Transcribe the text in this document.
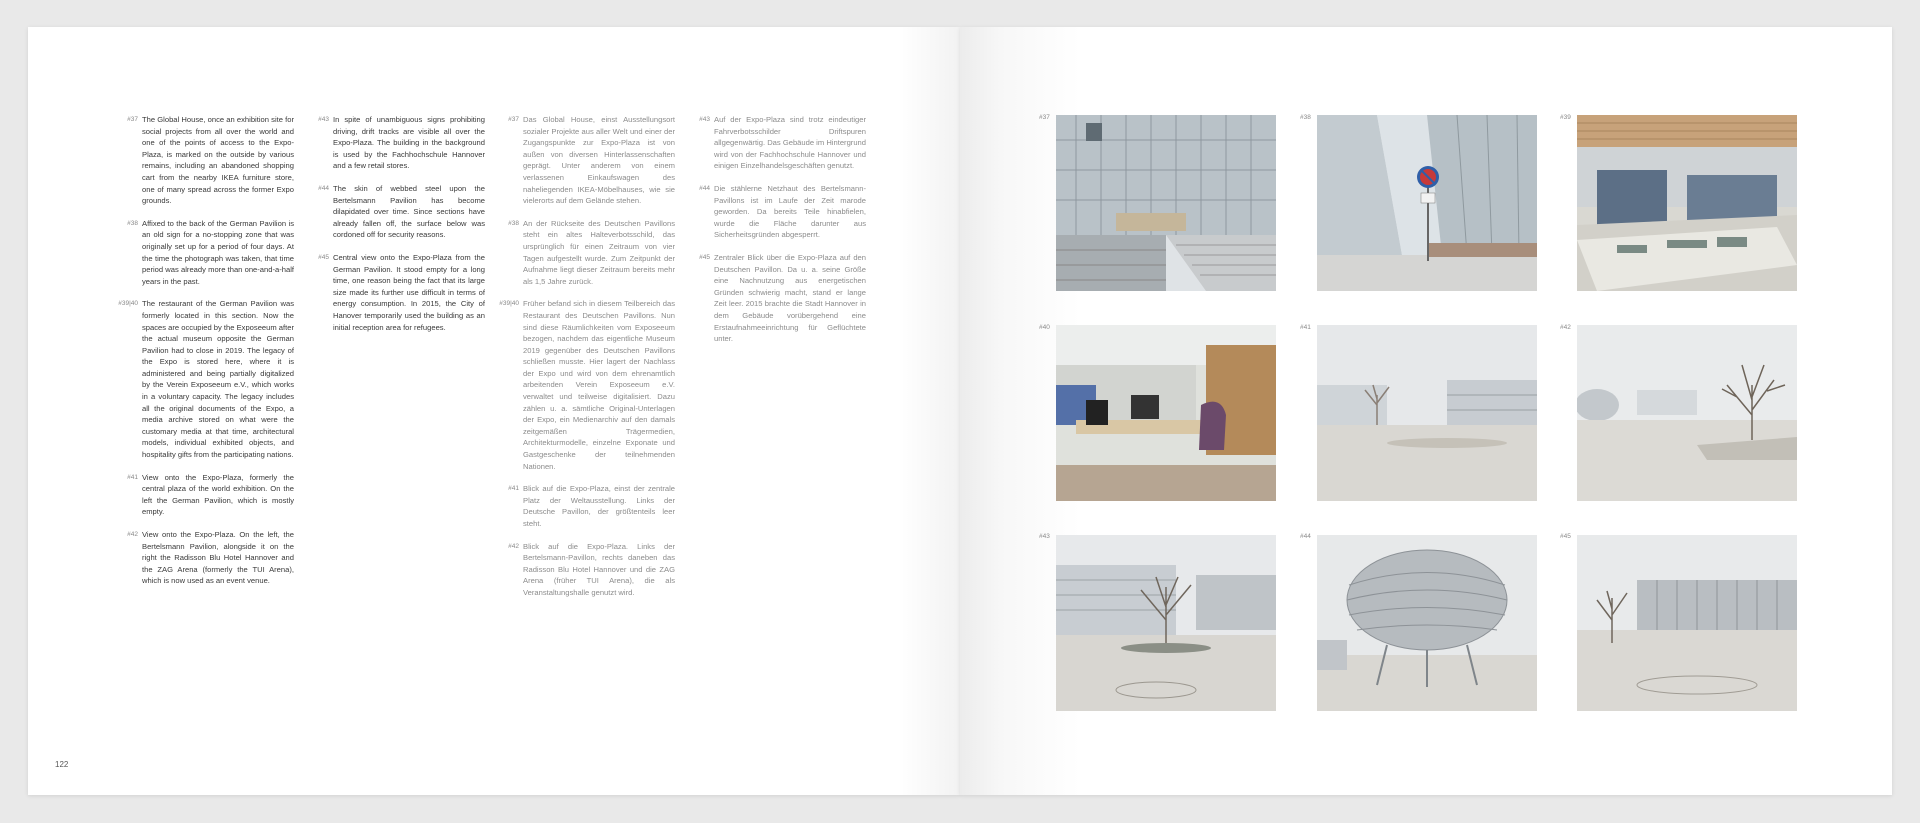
#37 The Global House, once an exhibition site for social projects from all over the world and one of the points of access to the Expo-Plaza, is marked on the outside by various remains, including an abandoned shopping cart from the nearby IKEA furniture store, one of many spread across the former Expo grounds.
#38 Affixed to the back of the German Pavilion is an old sign for a no-stopping zone that was originally set up for a period of four days. At the time the photograph was taken, that time period was already more than one-and-a-half years in the past.
#39|40 The restaurant of the German Pavilion was formerly located in this section. Now the spaces are occupied by the Exposeeum after the actual museum opposite the German Pavilion had to close in 2019. The legacy of the Expo is stored here, where it is administered and being partially digitalized by the Verein Exposeeum e.V., which works in a voluntary capacity. The legacy includes all the original documents of the Expo, a media archive stored on what were the customary media at that time, architectural models, individual exhibited objects, and hospitality gifts from the participating nations.
#41 View onto the Expo-Plaza, formerly the central plaza of the world exhibition. On the left the German Pavilion, which is mostly empty.
#42 View onto the Expo-Plaza. On the left, the Bertelsmann Pavilion, alongside it on the right the Radisson Blu Hotel Hannover and the ZAG Arena (formerly the TUI Arena), which is now used as an event venue.
#43 In spite of unambiguous signs prohibiting driving, drift tracks are visible all over the Expo-Plaza. The building in the background is used by the Fachhochschule Hannover and a few retail stores.
#44 The skin of webbed steel upon the Bertelsmann Pavilion has become dilapidated over time. Since sections have already fallen off, the surface below was cordoned off for security reasons.
#45 Central view onto the Expo-Plaza from the German Pavilion. It stood empty for a long time, one reason being the fact that its large size made its further use difficult in terms of energy consumption. In 2015, the City of Hanover temporarily used the building as an initial reception area for refugees.
#37 Das Global House, einst Ausstellungsort sozialer Projekte aus aller Welt und einer der Zugangspunkte zur Expo-Plaza ist von außen von diversen Hinterlassenschaften geprägt. Unter anderem von einem verlassenen Einkaufswagen des naheliegenden IKEA-Möbelhauses, wie sie vielerorts auf dem Gelände stehen.
#38 An der Rückseite des Deutschen Pavillons steht ein altes Halteverbotsschild, das ursprünglich für einen Zeitraum von vier Tagen aufgestellt wurde. Zum Zeitpunkt der Aufnahme liegt dieser Zeitraum bereits mehr als 1,5 Jahre zurück.
#39|40 Früher befand sich in diesem Teilbereich das Restaurant des Deutschen Pavillons. Nun sind diese Räumlichkeiten vom Exposeeum bezogen, nachdem das eigentliche Museum 2019 gegenüber des Deutschen Pavillons schließen musste. Hier lagert der Nachlass der Expo und wird von dem ehrenamtlich arbeitenden Verein Exposeeum e.V. verwaltet und teilweise digitalisiert. Dazu zählen u. a. sämtliche Original-Unterlagen der Expo, ein Medienarchiv auf den damals zeitgemäßen Trägermedien, Architekturmodelle, einzelne Exponate und Gastgeschenke der teilnehmenden Nationen.
#41 Blick auf die Expo-Plaza, einst der zentrale Platz der Weltausstellung. Links der Deutsche Pavillon, der größtenteils leer steht.
#42 Blick auf die Expo-Plaza. Links der Bertelsmann-Pavillon, rechts daneben das Radisson Blu Hotel Hannover und die ZAG Arena (früher TUI Arena), die als Veranstaltungshalle genutzt wird.
#43 Auf der Expo-Plaza sind trotz eindeutiger Fahrverbotsschilder Driftspuren allgegenwärtig. Das Gebäude im Hintergrund wird von der Fachhochschule Hannover und einigen Einzelhandelsgeschäften genutzt.
#44 Die stählerne Netzhaut des Bertelsmann-Pavillons ist im Laufe der Zeit marode geworden. Da bereits Teile hinabfielen, wurde die Fläche darunter aus Sicherheitsgründen abgesperrt.
#45 Zentraler Blick über die Expo-Plaza auf den Deutschen Pavillon. Da u. a. seine Größe eine Nachnutzung aus energetischen Gründen schwierig macht, stand er lange Zeit leer. 2015 brachte die Stadt Hannover in dem Gebäude vorübergehend eine Erstaufnahmeeinrichtung für Geflüchtete unter.
122
#37	#38	#39
#40	#41	#42
#43	#44	#45
